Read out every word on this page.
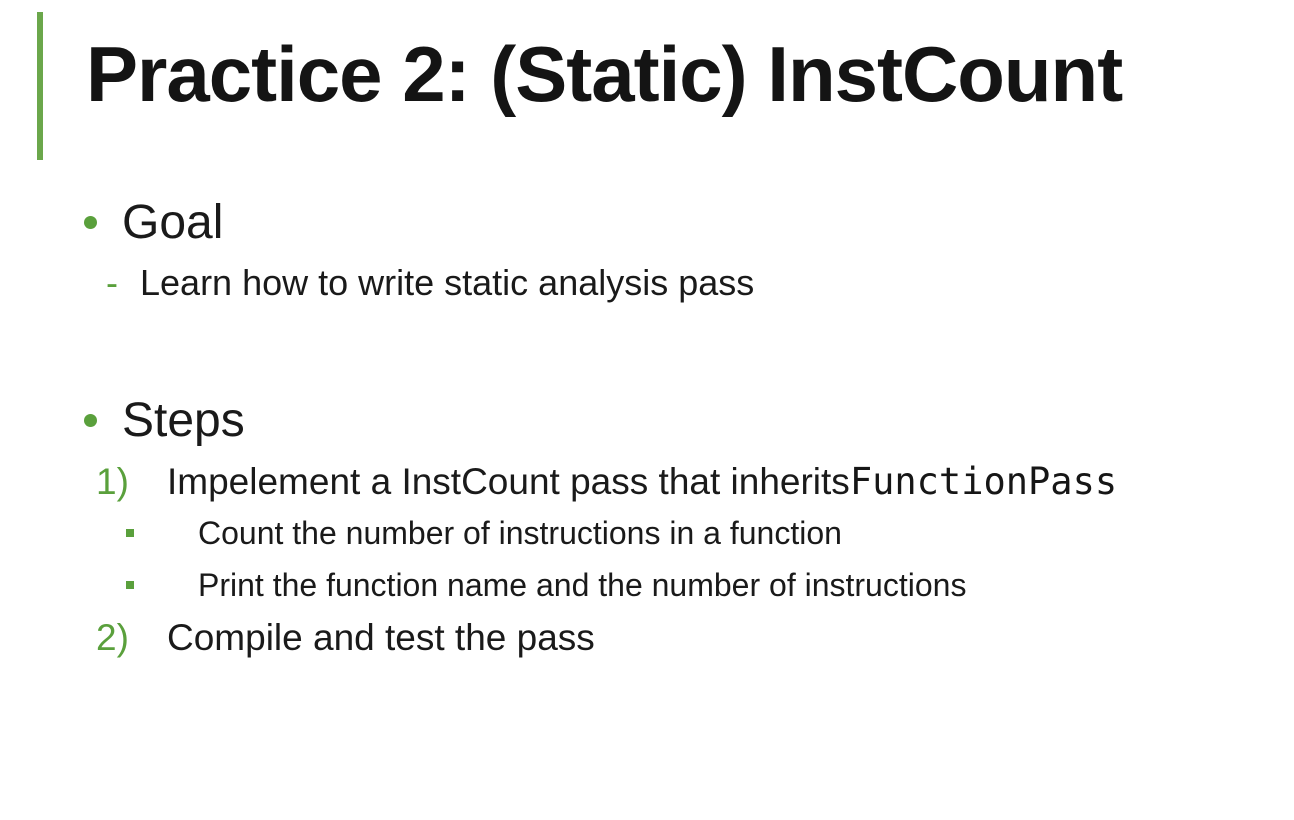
Practice 2: (Static) InstCount
Goal
- Learn how to write static analysis pass
Steps
1)	Impelement a InstCount pass that inherits FunctionPass
Count the number of instructions in a function
Print the function name and the number of instructions
2)	Compile and test the pass
